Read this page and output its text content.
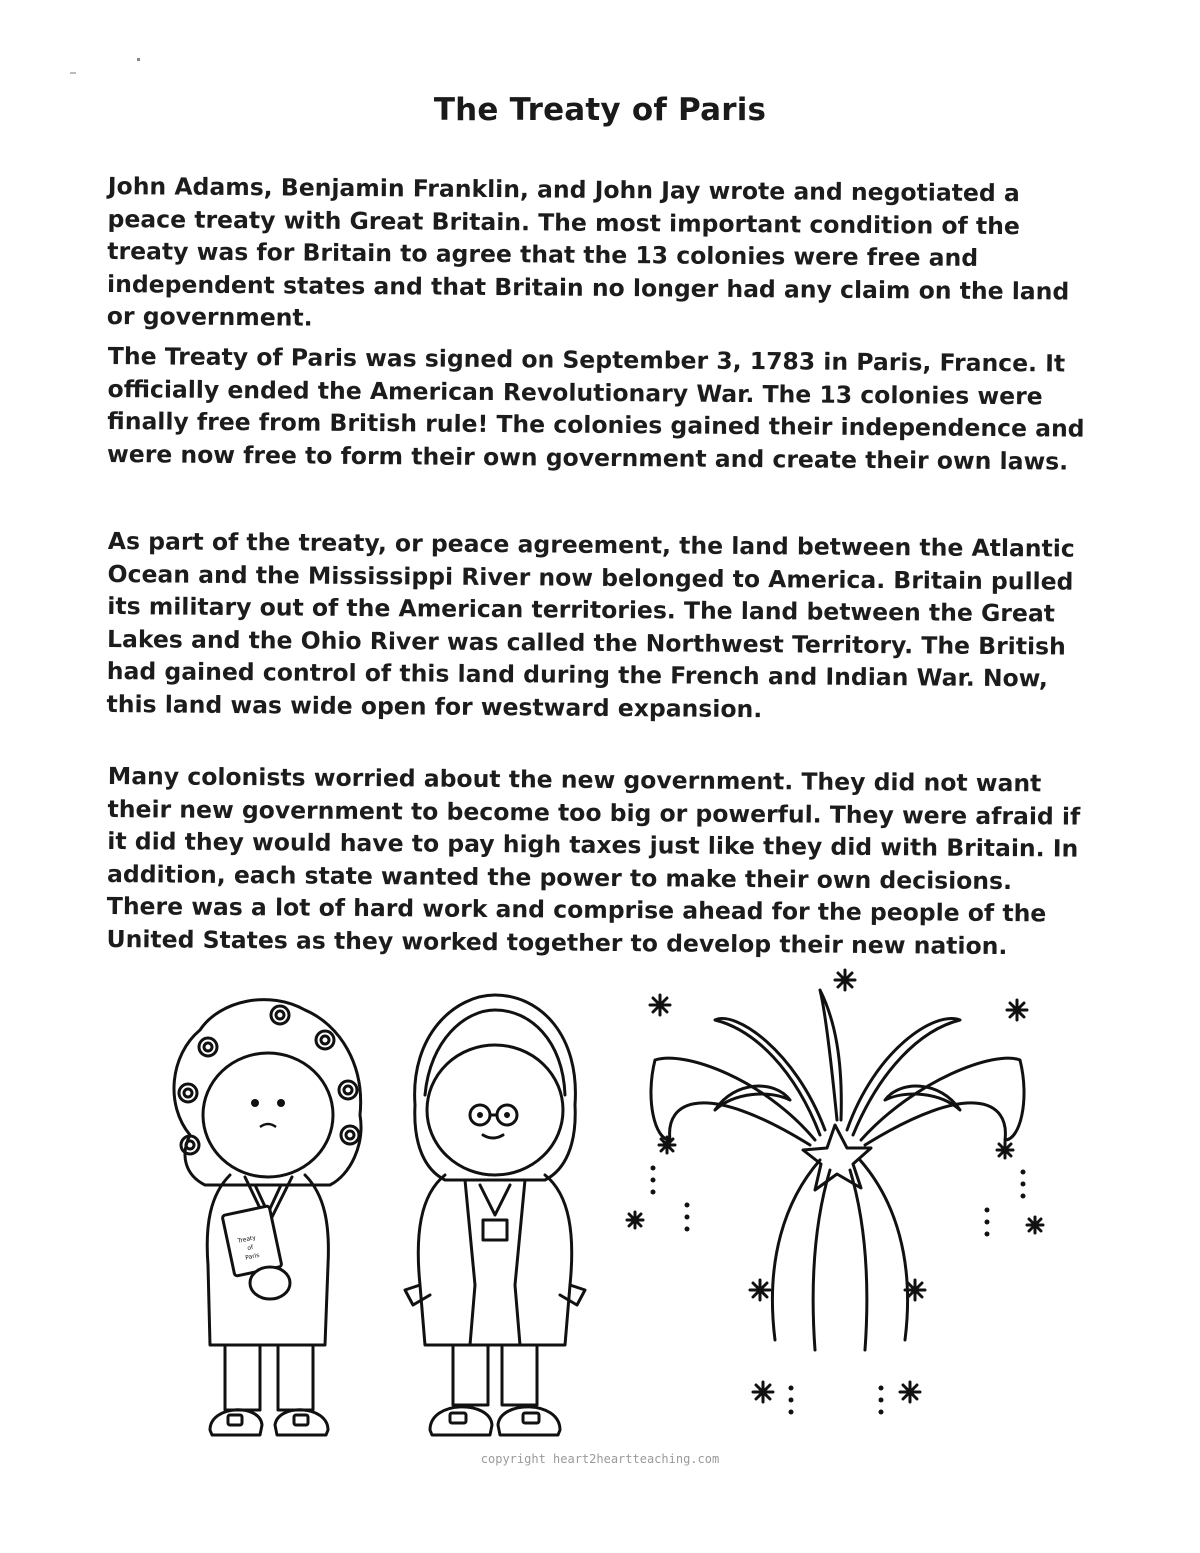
The Treaty of Paris

John Adams, Benjamin Franklin, and John Jay wrote and negotiated a peace treaty with Great Britain. The most important condition of the treaty was for Britain to agree that the 13 colonies were free and independent states and that Britain no longer had any claim on the land or government.

The Treaty of Paris was signed on September 3, 1783 in Paris, France. It officially ended the American Revolutionary War. The 13 colonies were finally free from British rule! The colonies gained their independence and were now free to form their own government and create their own laws.

As part of the treaty, or peace agreement, the land between the Atlantic Ocean and the Mississippi River now belonged to America. Britain pulled its military out of the American territories. The land between the Great Lakes and the Ohio River was called the Northwest Territory. The British had gained control of this land during the French and Indian War. Now, this land was wide open for westward expansion.

Many colonists worried about the new government. They did not want their new government to become too big or powerful. They were afraid if it did they would have to pay high taxes just like they did with Britain. In addition, each state wanted the power to make their own decisions. There was a lot of hard work and comprise ahead for the people of the United States as they worked together to develop their new nation.

Treaty
of
Paris
copyright heart2heartteaching.com
